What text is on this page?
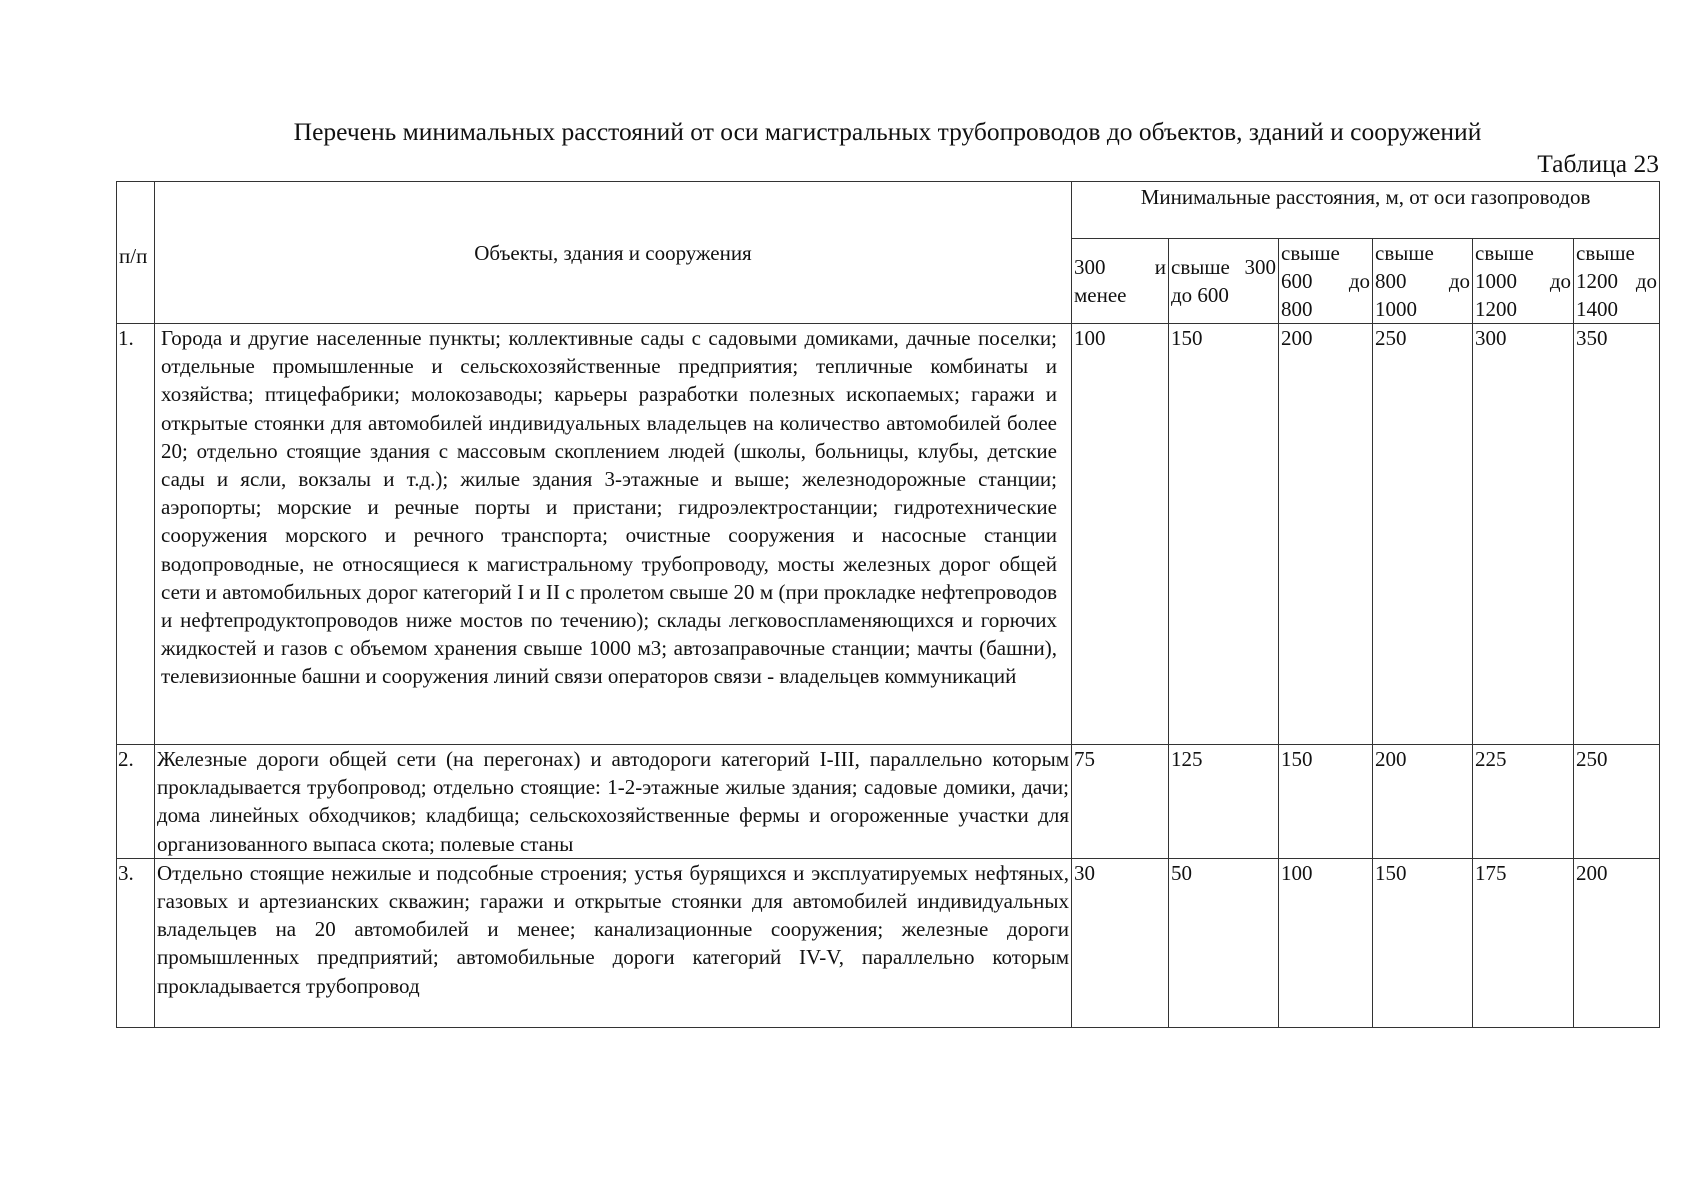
Перечень минимальных расстояний от оси магистральных трубопроводов до объектов, зданий и сооружений
Таблица 23
п/п	Объекты, здания и сооружения	Минимальные расстояния, м, от оси газопроводов					

		300 и менее	свыше 300 до 600	свыше 600 до 800	свыше 800 до 1000	свыше 1000 до 1200	свыше 1200 до 1400

1.	Города и другие населенные пункты; коллективные сады с садовыми домиками, дачные поселки; отдельные промышленные и сельскохозяйственные предприятия; тепличные комбинаты и хозяйства; птицефабрики; молокозаводы; карьеры разработки полезных ископаемых; гаражи и открытые стоянки для автомобилей индивидуальных владельцев на количество автомобилей более 20; отдельно стоящие здания с массовым скоплением людей (школы, больницы, клубы, детские сады и ясли, вокзалы и т.д.); жилые здания 3-этажные и выше; железнодорожные станции; аэропорты; морские и речные порты и пристани; гидроэлектростанции; гидротехнические сооружения морского и речного транспорта; очистные сооружения и насосные станции водопроводные, не относящиеся к магистральному трубопроводу, мосты железных дорог общей сети и автомобильных дорог категорий I и II с пролетом свыше 20 м (при прокладке нефтепроводов и нефтепродуктопроводов ниже мостов по течению); склады легковоспламеняющихся и горючих жидкостей и газов с объемом хранения свыше 1000 м3; автозаправочные станции; мачты (башни), телевизионные башни и сооружения линий связи операторов связи - владельцев коммуникаций	100	150	200	250	300	350
2.	Железные дороги общей сети (на перегонах) и автодороги категорий I-III, параллельно которым прокладывается трубопровод; отдельно стоящие: 1-2-этажные жилые здания; садовые домики, дачи; дома линейных обходчиков; кладбища; сельскохозяйственные фермы и огороженные участки для организованного выпаса скота; полевые станы	75	125	150	200	225	250
3.	Отдельно стоящие нежилые и подсобные строения; устья бурящихся и эксплуатируемых нефтяных, газовых и артезианских скважин; гаражи и открытые стоянки для автомобилей индивидуальных владельцев на 20 автомобилей и менее; канализационные сооружения; железные дороги промышленных предприятий; автомобильные дороги категорий IV-V, параллельно которым прокладывается трубопровод	30	50	100	150	175	200
